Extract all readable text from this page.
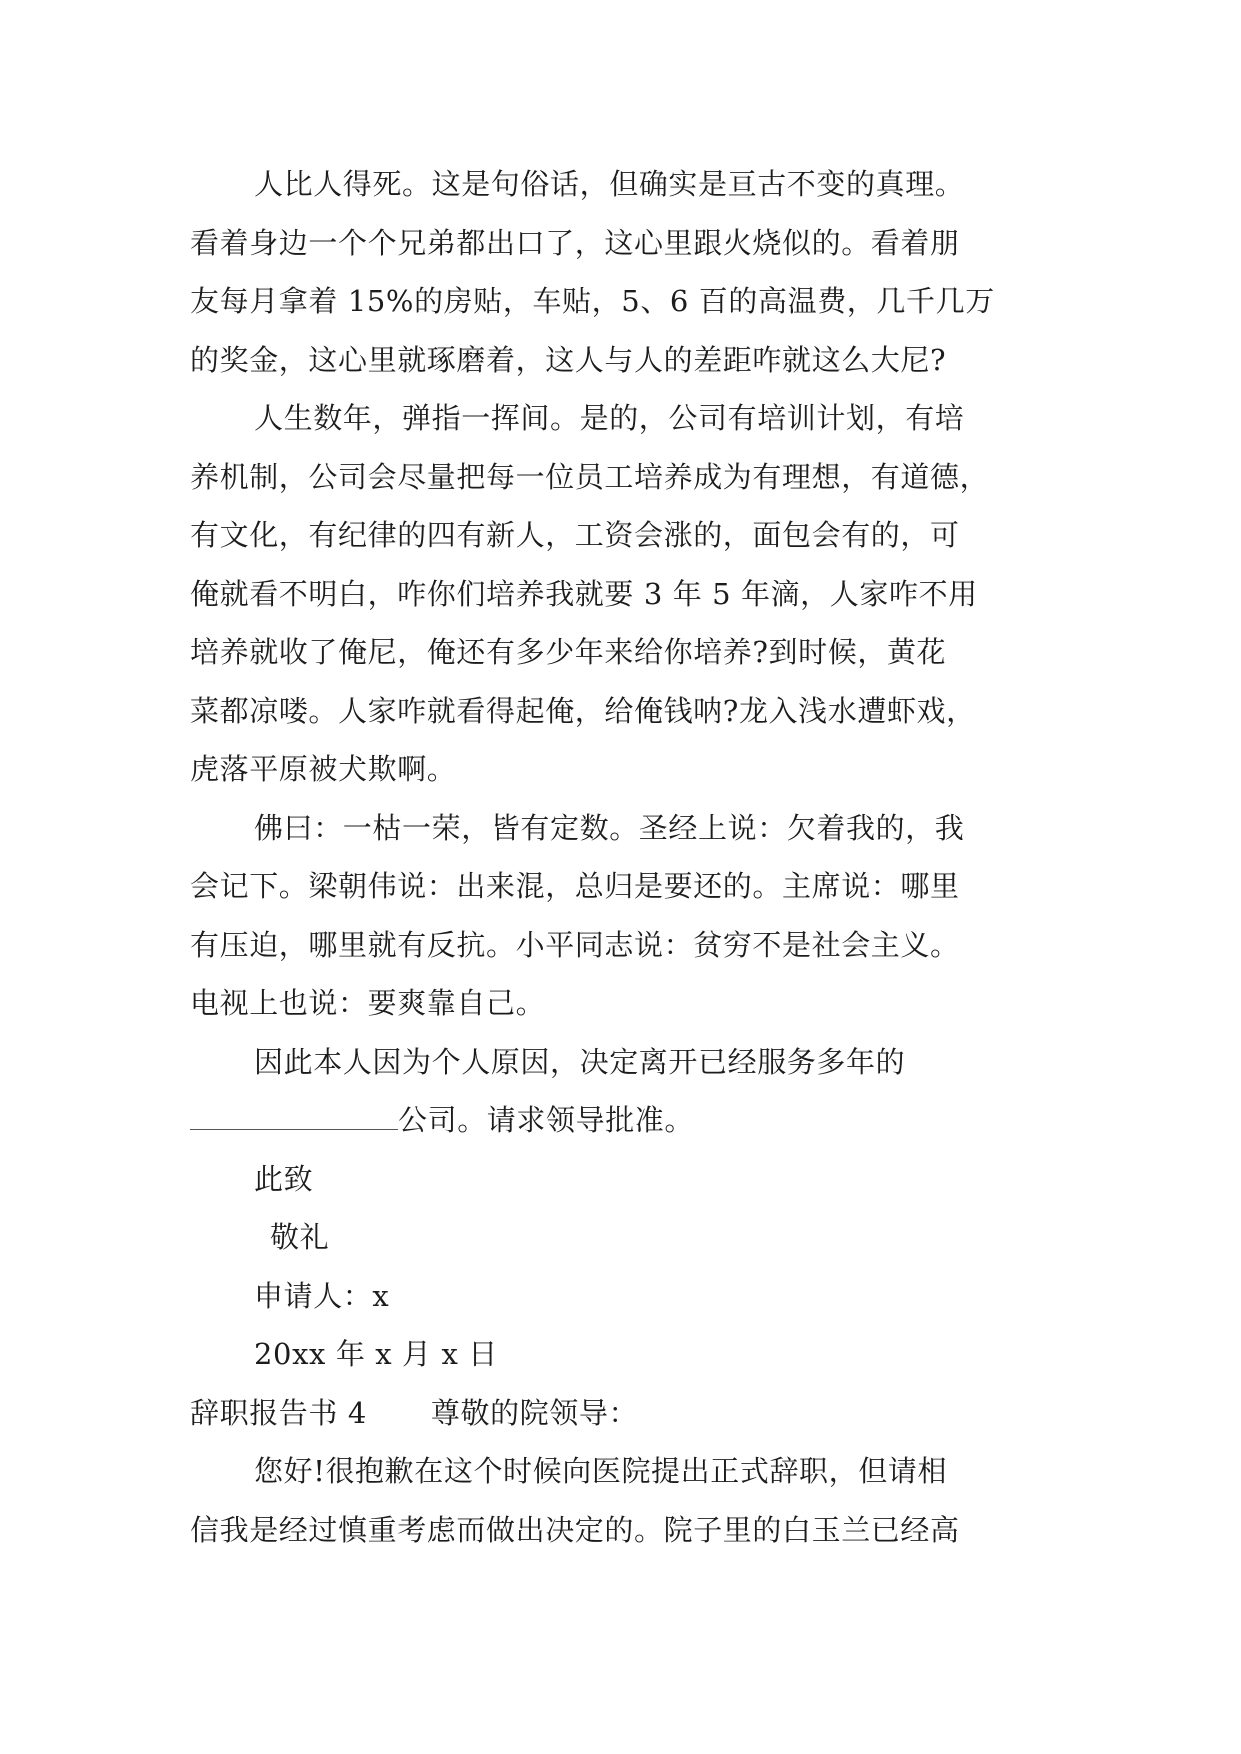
人比人得死。这是句俗话，但确实是亘古不变的真理。
看着身边一个个兄弟都出口了，这心里跟火烧似的。看着朋
友每月拿着 15%的房贴，车贴，5、6 百的高温费，几千几万
的奖金，这心里就琢磨着，这人与人的差距咋就这么大尼?
人生数年，弹指一挥间。是的，公司有培训计划，有培
养机制，公司会尽量把每一位员工培养成为有理想，有道德，
有文化，有纪律的四有新人，工资会涨的，面包会有的，可
俺就看不明白，咋你们培养我就要 3 年 5 年滴，人家咋不用
培养就收了俺尼，俺还有多少年来给你培养?到时候，黄花
菜都凉喽。人家咋就看得起俺，给俺钱呐?龙入浅水遭虾戏，
虎落平原被犬欺啊。
佛曰：一枯一荣，皆有定数。圣经上说：欠着我的，我
会记下。梁朝伟说：出来混，总归是要还的。主席说：哪里
有压迫，哪里就有反抗。小平同志说：贫穷不是社会主义。
电视上也说：要爽靠自己。
因此本人因为个人原因，决定离开已经服务多年的
公司。请求领导批准。
此致
敬礼
申请人：x
20xx 年 x 月 x 日
辞职报告书 4 尊敬的院领导：
您好!很抱歉在这个时候向医院提出正式辞职，但请相
信我是经过慎重考虑而做出决定的。院子里的白玉兰已经高
